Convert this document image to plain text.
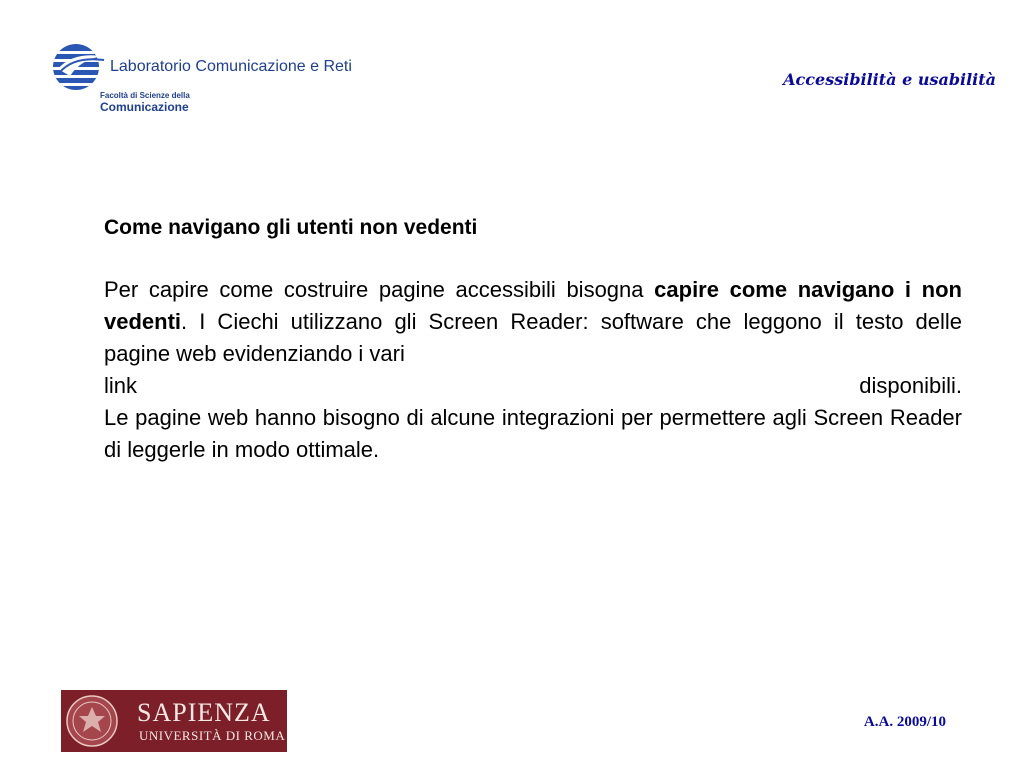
Laboratorio Comunicazione e Reti
Facoltà di Scienze della
Comunicazione
Accessibilità e usabilità

Come navigano gli utenti non vedenti

Per capire come costruire pagine accessibili bisogna capire come navigano i non vedenti. I Ciechi utilizzano gli Screen Reader: software che leggono il testo delle pagine web evidenziando i vari

link	disponibili.

Le pagine web hanno bisogno di alcune integrazioni per permettere agli Screen Reader di leggerle in modo ottimale.

SAPIENZA
UNIVERSITÀ DI ROMA
A.A. 2009/10
